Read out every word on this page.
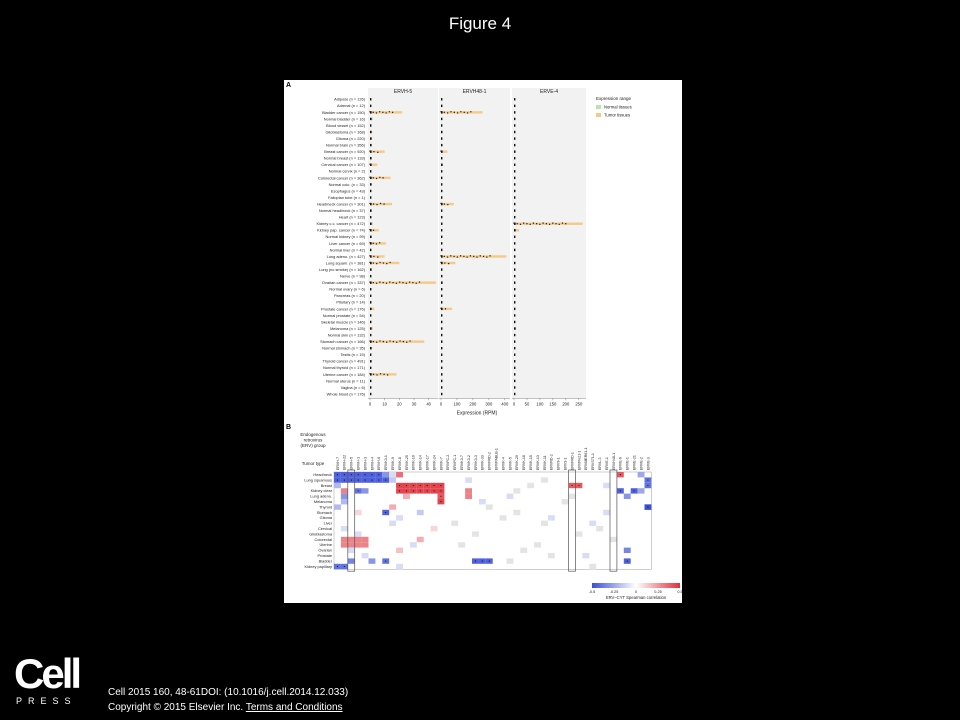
Figure 4
A
ERVH-5	ERVH48-1	ERVE-4
Adipose (n = 126)
Adrenal (n = 12)
Bladder cancer (n = 150)
Normal bladder (n = 16)
Blood vessel (n = 152)
Glioblastoma (n = 168)
Glioma (n = 220)
Normal brain (n = 356)
Breast cancer (n = 920)
Normal breast (n = 133)
Cervical cancer (n = 107)
Normal cervix (n = 2)
Colorectal cancer (n = 362)
Normal colo. (n = 33)
Esophagus (n = 43)
Fallopian tube (n = 1)
Head/neck cancer (n = 301)
Normal head/neck (n = 37)
Heart (n = 123)
Kidney c.c. cancer (n = 472)
Kidney pap. cancer (n = 74)
Normal kidney (n = 99)
Liver cancer (n = 69)
Normal liver (n = 42)
Lung adeno. (n = 427)
Lung squam. (n = 381)
Lung (no smoke) (n = 162)
Nerve (n = 98)
Ovarian cancer (n = 337)
Normal ovary (n = 6)
Pancreas (n = 20)
Pituitary (n = 14)
Prostate cancer (n = 176)
Normal prostate (n = 54)
Skeletal muscle (n = 146)
Melanoma (n = 125)
Normal skin (n = 132)
Stomach cancer (n = 166)
Normal stomach (n = 35)
Testis (n = 15)
Thyroid cancer (n = 491)
Normal thyroid (n = 171)
Uterine cancer (n = 184)
Normal uterus (n = 11)
Vagina (n = 6)
Whole blood (n = 176)
0	10 20 30 40 0	100 200 300 400 0 50 100 150 200 250
Expression (RPM)
Expression range
Normal tissues
Tumor tissues
B
Endogenous
retrovirus
(ERV) group
Tumor type	ERVH-7 ERVH-22 ERVH-5 ERVH-1 ERVH-3 ERVH-4 ERVH-6 ERVK3-1 ERVK-9 ERVK-8 ERVK-25 ERVK-10 ERVK-14 ERVK-17 ERVK-24 ERVK-7 ERVFC-2 ERVFC-1 ERVK3-7 ERVK3-2 ERVK3-3 ERVK-33 ERVFRD-2 ERVPABLB-1 ERVK-4 ERVK-5 ERVK-20 ERVK-18 ERVK-15 ERVK-13 ERVK-11 ERVRD-2 ERV9-1 ERV3-1 ERVFRD-1 ERVFH21-1 ERVMER61-1 ERVS71-1 ERVL-3 ERVE-1 ERVH48-1 ERVE-6 ERVE-1 ERVE-21 ERVE-2 ERVE-3
Head/neck
Lung squamous
Breast
Kidney clear
Lung adeno.
Melanoma
Thyroid
Stomach
Glioma
Liver
Cervical
Glioblastoma
Colorectal
Uterine
Ovarian
Prostate
Bladder
Kidney papillary
-0.5	-0.25	0	0.25	0.5
ERV–CYT Spearman correlation
Cell
PRESS
Cell 2015 160, 48-61DOI: (10.1016/j.cell.2014.12.033)
Copyright © 2015 Elsevier Inc. Terms and Conditions
